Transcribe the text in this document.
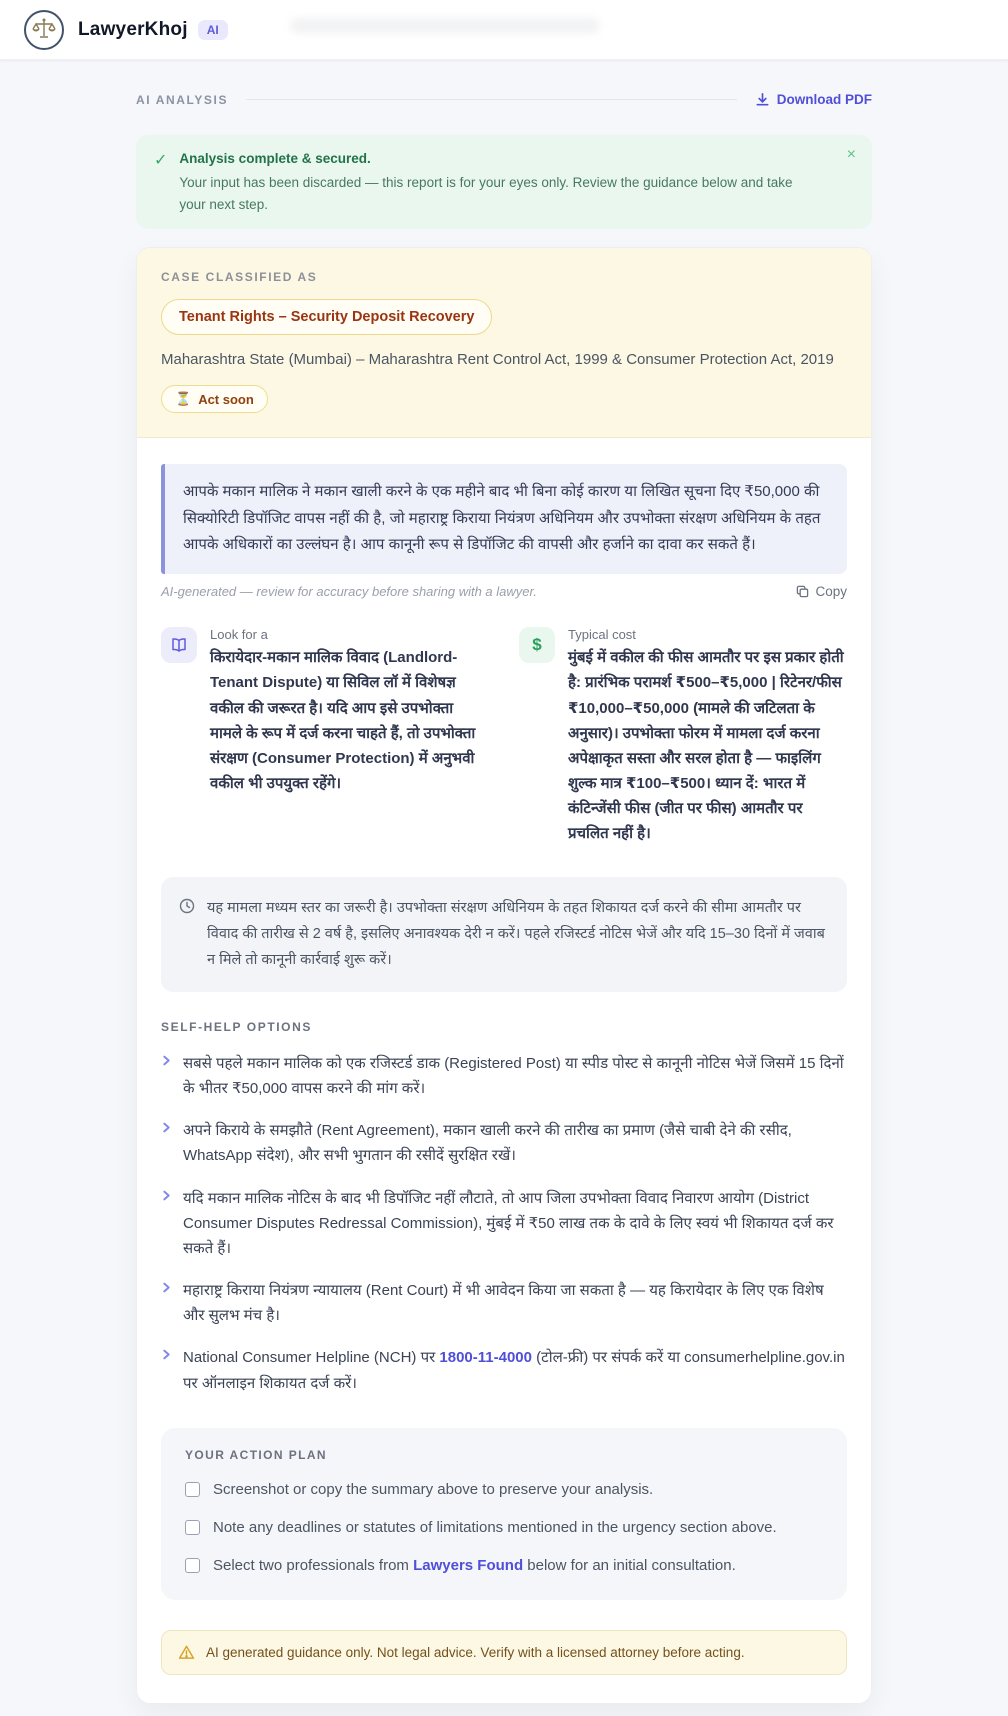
LawyerKhoj	AI
AI ANALYSIS	Download PDF
✓ Analysis complete & secured.
Your input has been discarded — this report is for your eyes only. Review the guidance below and take your next step.
×
CASE CLASSIFIED AS
Tenant Rights – Security Deposit Recovery
Maharashtra State (Mumbai) – Maharashtra Rent Control Act, 1999 & Consumer Protection Act, 2019
⏳ Act soon
आपके मकान मालिक ने मकान खाली करने के एक महीने बाद भी बिना कोई कारण या लिखित सूचना दिए ₹50,000 की सिक्योरिटी डिपॉजिट वापस नहीं की है, जो महाराष्ट्र किराया नियंत्रण अधिनियम और उपभोक्ता संरक्षण अधिनियम के तहत आपके अधिकारों का उल्लंघन है। आप कानूनी रूप से डिपॉजिट की वापसी और हर्जाने का दावा कर सकते हैं।
AI-generated — review for accuracy before sharing with a lawyer.	Copy
Look for a
किरायेदार-मकान मालिक विवाद (Landlord-Tenant Dispute) या सिविल लॉ में विशेषज्ञ वकील की जरूरत है। यदि आप इसे उपभोक्ता मामले के रूप में दर्ज करना चाहते हैं, तो उपभोक्ता संरक्षण (Consumer Protection) में अनुभवी वकील भी उपयुक्त रहेंगे।
$
Typical cost
मुंबई में वकील की फीस आमतौर पर इस प्रकार होती है: प्रारंभिक परामर्श ₹500–₹5,000 | रिटेनर/फीस ₹10,000–₹50,000 (मामले की जटिलता के अनुसार)। उपभोक्ता फोरम में मामला दर्ज करना अपेक्षाकृत सस्ता और सरल होता है — फाइलिंग शुल्क मात्र ₹100–₹500। ध्यान दें: भारत में कंटिन्जेंसी फीस (जीत पर फीस) आमतौर पर प्रचलित नहीं है।
यह मामला मध्यम स्तर का जरूरी है। उपभोक्ता संरक्षण अधिनियम के तहत शिकायत दर्ज करने की सीमा आमतौर पर विवाद की तारीख से 2 वर्ष है, इसलिए अनावश्यक देरी न करें। पहले रजिस्टर्ड नोटिस भेजें और यदि 15–30 दिनों में जवाब न मिले तो कानूनी कार्रवाई शुरू करें।
SELF-HELP OPTIONS
सबसे पहले मकान मालिक को एक रजिस्टर्ड डाक (Registered Post) या स्पीड पोस्ट से कानूनी नोटिस भेजें जिसमें 15 दिनों के भीतर ₹50,000 वापस करने की मांग करें।
अपने किराये के समझौते (Rent Agreement), मकान खाली करने की तारीख का प्रमाण (जैसे चाबी देने की रसीद, WhatsApp संदेश), और सभी भुगतान की रसीदें सुरक्षित रखें।
यदि मकान मालिक नोटिस के बाद भी डिपॉजिट नहीं लौटाते, तो आप जिला उपभोक्ता विवाद निवारण आयोग (District Consumer Disputes Redressal Commission), मुंबई में ₹50 लाख तक के दावे के लिए स्वयं भी शिकायत दर्ज कर सकते हैं।
महाराष्ट्र किराया नियंत्रण न्यायालय (Rent Court) में भी आवेदन किया जा सकता है — यह किरायेदार के लिए एक विशेष और सुलभ मंच है।
National Consumer Helpline (NCH) पर 1800-11-4000 (टोल-फ्री) पर संपर्क करें या consumerhelpline.gov.in पर ऑनलाइन शिकायत दर्ज करें।
YOUR ACTION PLAN
Screenshot or copy the summary above to preserve your analysis.
Note any deadlines or statutes of limitations mentioned in the urgency section above.
Select two professionals from Lawyers Found below for an initial consultation.
AI generated guidance only. Not legal advice. Verify with a licensed attorney before acting.
